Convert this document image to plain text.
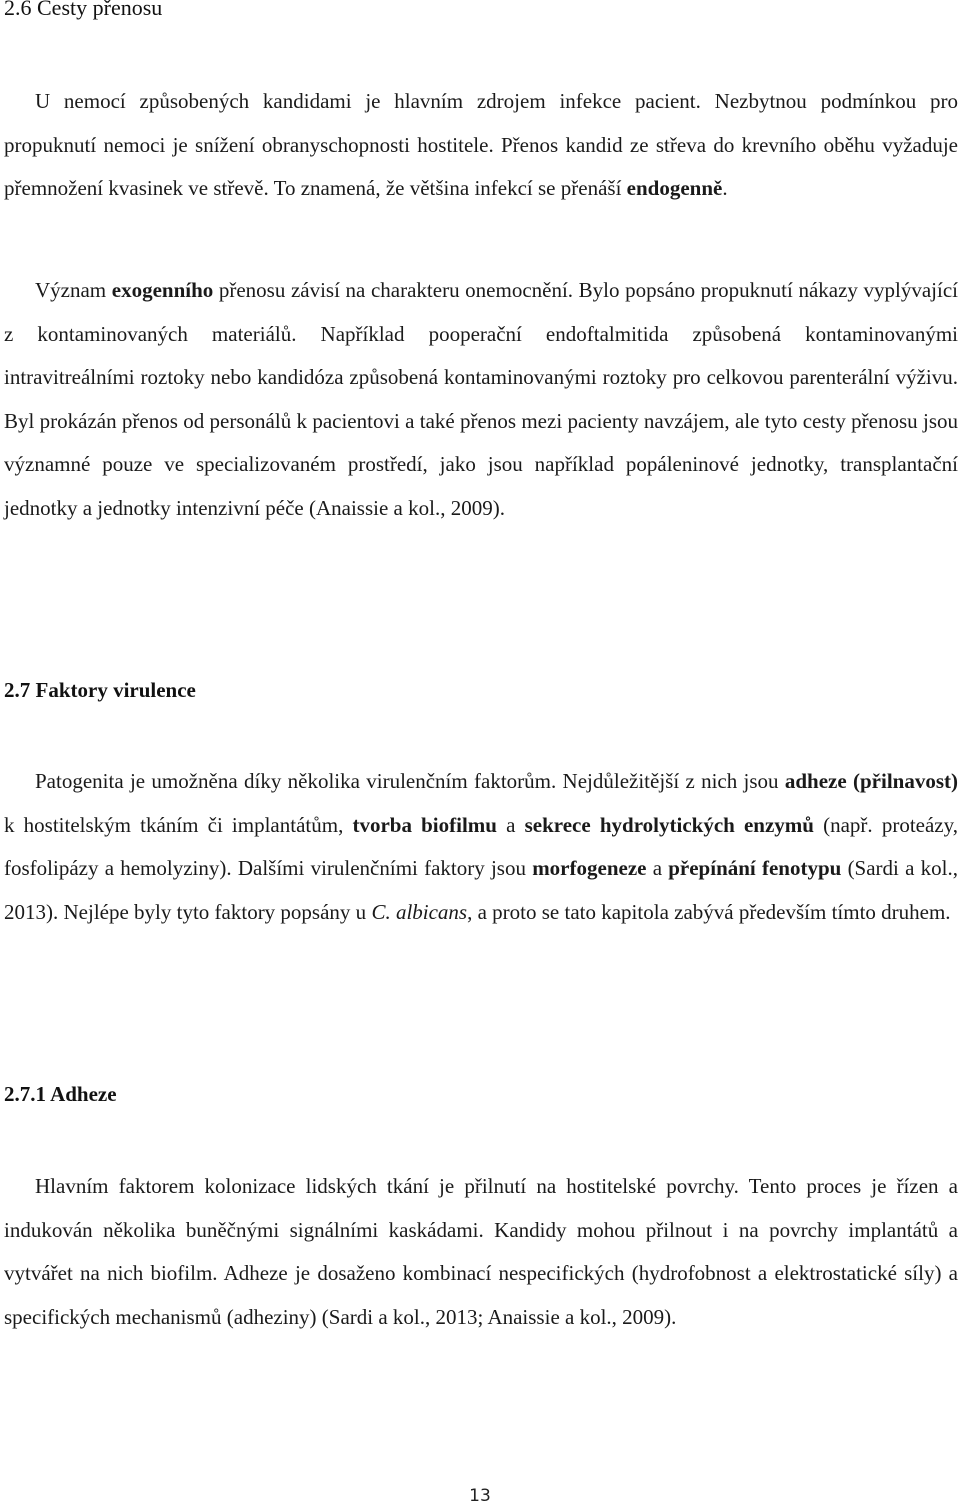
2.6 Cesty přenosu

U nemocí způsobených kandidami je hlavním zdrojem infekce pacient. Nezbytnou podmínkou pro propuknutí nemoci je snížení obranyschopnosti hostitele. Přenos kandid ze střeva do krevního oběhu vyžaduje přemnožení kvasinek ve střevě. To znamená, že většina infekcí se přenáší endogenně.

Význam exogenního přenosu závisí na charakteru onemocnění. Bylo popsáno propuknutí nákazy vyplývající z kontaminovaných materiálů. Například pooperační endoftalmitida způsobená kontaminovanými intravitreálními roztoky nebo kandidóza způsobená kontaminovanými roztoky pro celkovou parenterální výživu. Byl prokázán přenos od personálů k pacientovi a také přenos mezi pacienty navzájem, ale tyto cesty přenosu jsou významné pouze ve specializovaném prostředí, jako jsou například popáleninové jednotky, transplantační jednotky a jednotky intenzivní péče (Anaissie a kol., 2009).

2.7 Faktory virulence

Patogenita je umožněna díky několika virulenčním faktorům. Nejdůležitější z nich jsou adheze (přilnavost) k hostitelským tkáním či implantátům, tvorba biofilmu a sekrece hydrolytických enzymů (např. proteázy, fosfolipázy a hemolyziny). Dalšími virulenčními faktory jsou morfogeneze a přepínání fenotypu (Sardi a kol., 2013). Nejlépe byly tyto faktory popsány u C. albicans, a proto se tato kapitola zabývá především tímto druhem.

2.7.1 Adheze

Hlavním faktorem kolonizace lidských tkání je přilnutí na hostitelské povrchy. Tento proces je řízen a indukován několika buněčnými signálními kaskádami. Kandidy mohou přilnout i na povrchy implantátů a vytvářet na nich biofilm. Adheze je dosaženo kombinací nespecifických (hydrofobnost a elektrostatické síly) a specifických mechanismů (adheziny) (Sardi a kol., 2013; Anaissie a kol., 2009).

13
